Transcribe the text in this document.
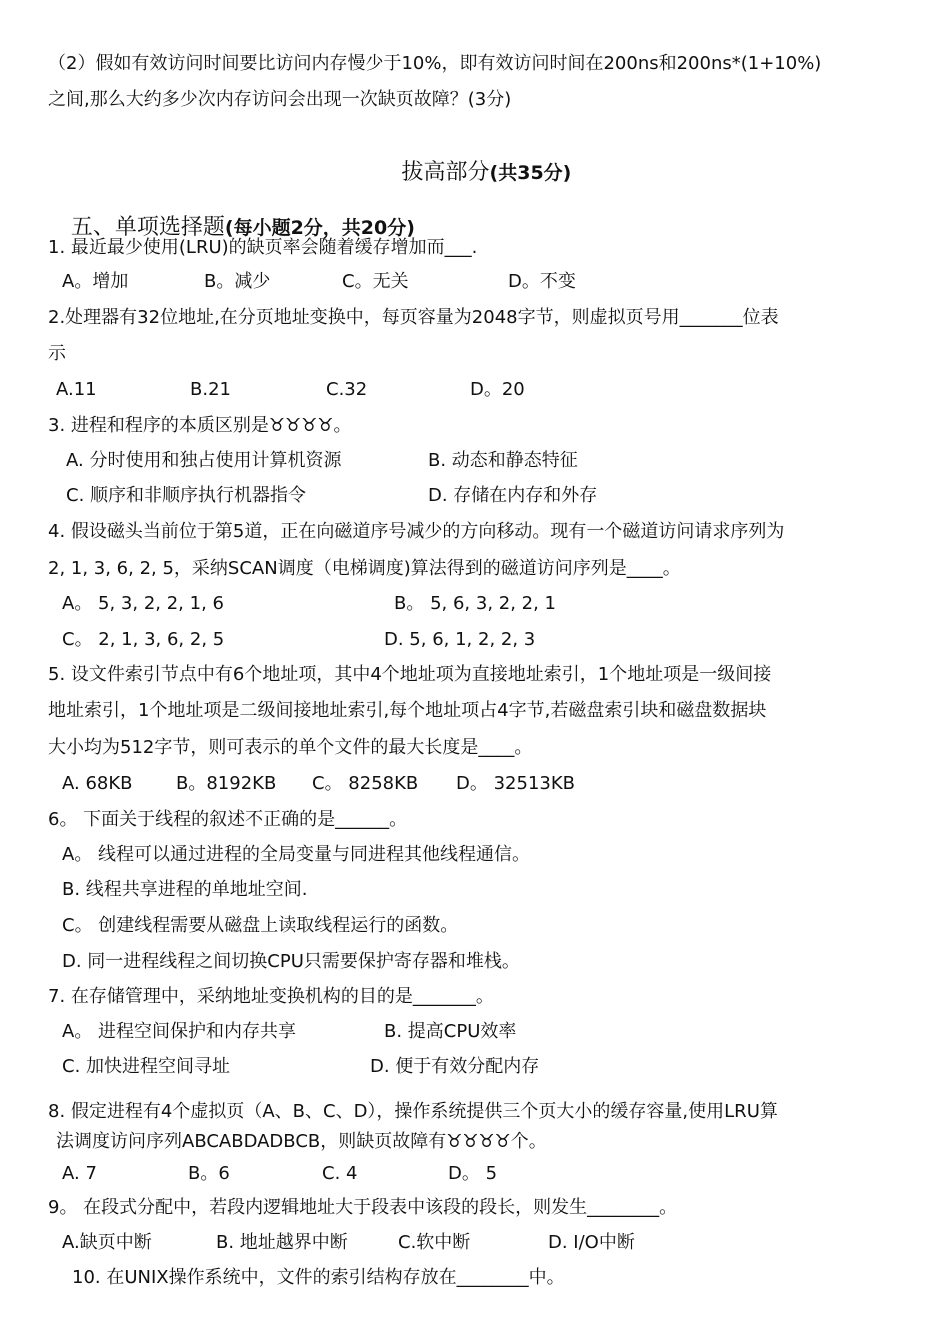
（2）假如有效访问时间要比访问内存慢少于10%，即有效访问时间在200ns和200ns*(1+10%)
之间,那么大约多少次内存访问会出现一次缺页故障？(3分)

拔高部分(共35分)

五、单项选择题(每小题2分，共20分)

1. 最近最少使用(LRU)的缺页率会随着缓存增加而___.
A。增加	B。减少	C。无关	D。不变
2.处理器有32位地址,在分页地址变换中，每页容量为2048字节，则虚拟页号用_______位表
示
A.11	B.21	C.32	D。20
3. 进程和程序的本质区别是♉♉♉♉。
A. 分时使用和独占使用计算机资源	B. 动态和静态特征
C. 顺序和非顺序执行机器指令	D. 存储在内存和外存
4. 假设磁头当前位于第5道，正在向磁道序号减少的方向移动。现有一个磁道访问请求序列为
2, 1, 3, 6, 2, 5，采纳SCAN调度（电梯调度)算法得到的磁道访问序列是____。
A。 5, 3, 2, 2, 1, 6	B。 5, 6, 3, 2, 2, 1
C。 2, 1, 3, 6, 2, 5	D. 5, 6, 1, 2, 2, 3
5. 设文件索引节点中有6个地址项，其中4个地址项为直接地址索引，1个地址项是一级间接
地址索引，1个地址项是二级间接地址索引,每个地址项占4字节,若磁盘索引块和磁盘数据块
大小均为512字节，则可表示的单个文件的最大长度是____。
A. 68KB B。8192KB C。 8258KB D。 32513KB
6。 下面关于线程的叙述不正确的是______。
A。 线程可以通过进程的全局变量与同进程其他线程通信。
B. 线程共享进程的单地址空间.
C。 创建线程需要从磁盘上读取线程运行的函数。
D. 同一进程线程之间切换CPU只需要保护寄存器和堆栈。
7. 在存储管理中，采纳地址变换机构的目的是_______。
A。 进程空间保护和内存共享	B. 提高CPU效率
C. 加快进程空间寻址	D. 便于有效分配内存
8. 假定进程有4个虚拟页（A、B、C、D），操作系统提供三个页大小的缓存容量,使用LRU算
法调度访问序列ABCABDADBCB，则缺页故障有♉♉♉♉个。
A. 7	B。6	C. 4	D。 5
9。 在段式分配中，若段内逻辑地址大于段表中该段的段长，则发生________。
A.缺页中断	B. 地址越界中断	C.软中断	D. I/O中断
10. 在UNIX操作系统中，文件的索引结构存放在________中。
